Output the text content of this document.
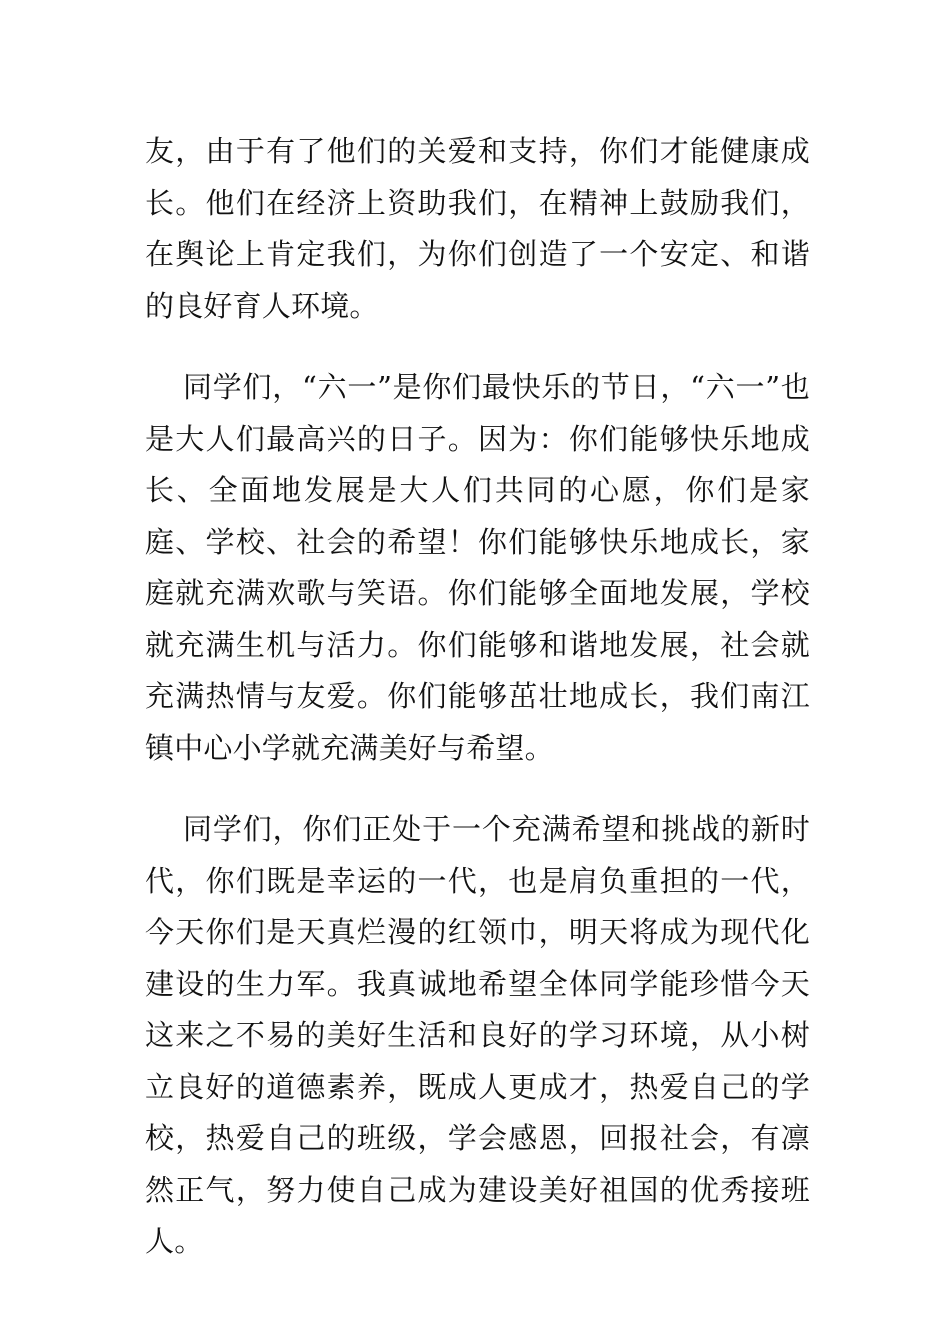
友，由于有了他们的关爱和支持，你们才能健康成长。他们在经济上资助我们，在精神上鼓励我们，在舆论上肯定我们，为你们创造了一个安定、和谐的良好育人环境。

同学们，“六一”是你们最快乐的节日，“六一”也是大人们最高兴的日子。因为：你们能够快乐地成长、全面地发展是大人们共同的心愿，你们是家庭、学校、社会的希望！你们能够快乐地成长，家庭就充满欢歌与笑语。你们能够全面地发展，学校就充满生机与活力。你们能够和谐地发展，社会就充满热情与友爱。你们能够茁壮地成长，我们南江镇中心小学就充满美好与希望。

同学们，你们正处于一个充满希望和挑战的新时代，你们既是幸运的一代，也是肩负重担的一代，今天你们是天真烂漫的红领巾，明天将成为现代化建设的生力军。我真诚地希望全体同学能珍惜今天这来之不易的美好生活和良好的学习环境，从小树立良好的道德素养，既成人更成才，热爱自己的学校，热爱自己的班级，学会感恩，回报社会，有凛然正气，努力使自己成为建设美好祖国的优秀接班人。
